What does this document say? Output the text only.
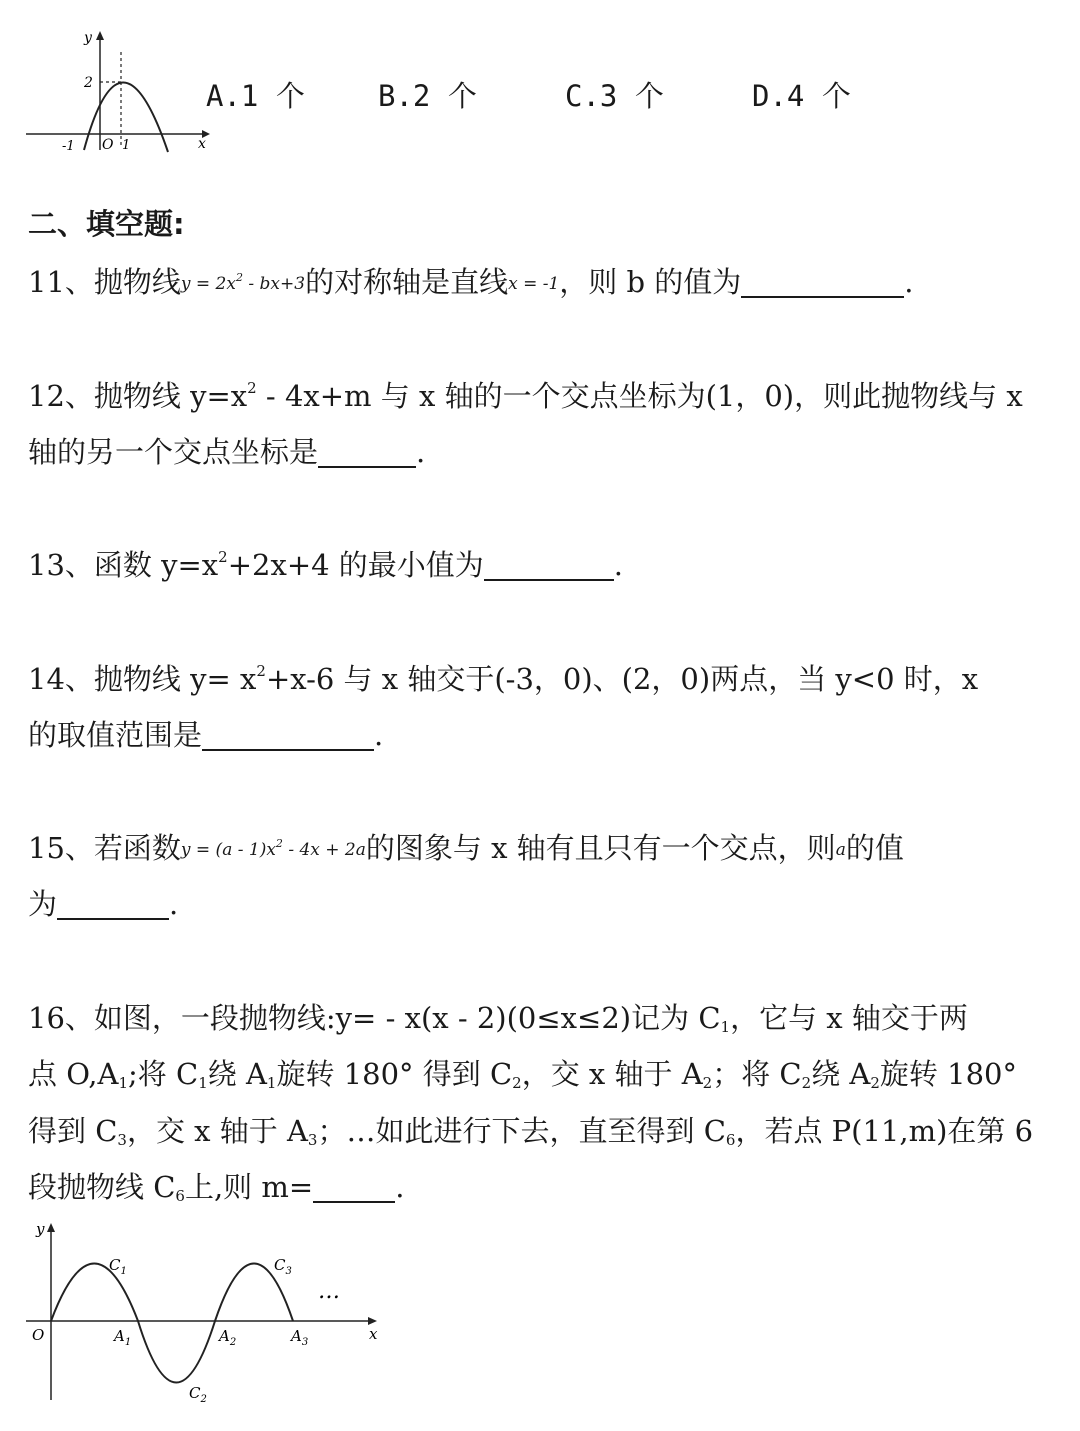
y
2
-1 O 1	x
A.1 个	B.2 个	C.3 个	D.4 个
二、填空题:
11、抛物线$y = 2x^2 - bx+3$的对称轴是直线x = -1，则 b 的值为	.
12、抛物线 $y=x^2 - 4x+m$ 与 x 轴的一个交点坐标为(1，0)，则此抛物线与 x
轴的另一个交点坐标是	.
13、函数 $y=x^2+2x+4$ 的最小值为	.
14、抛物线 $y= x^2+x-6$ 与 x 轴交于(-3，0)、(2，0)两点，当 y<0 时，x
的取值范围是	.
15、若函数$y = (a - 1)x^2 - 4x + 2a$的图象与 x 轴有且只有一个交点，则a的值
为	.
16、如图，一段抛物线:y= - x(x - 2)(0≤x≤2)记为 $C_1$，它与 x 轴交于两
点 $O,A_1$;将 $C_1$绕 $A_1$旋转 180° 得到 $C_2$，交 x 轴于 $A_2$；将 $C_2$绕 $A_2$旋转 180°
得到 $C_3$，交 x 轴于 $A_3$；…如此进行下去，直至得到 $C_6$，若点 P(11,m)在第 6
段抛物线 $C_6$上,则 m=	.
y
x
O
$C_1$
$C_2$
$C_3$
$A_1$	$A_2$	$A_3$
…
